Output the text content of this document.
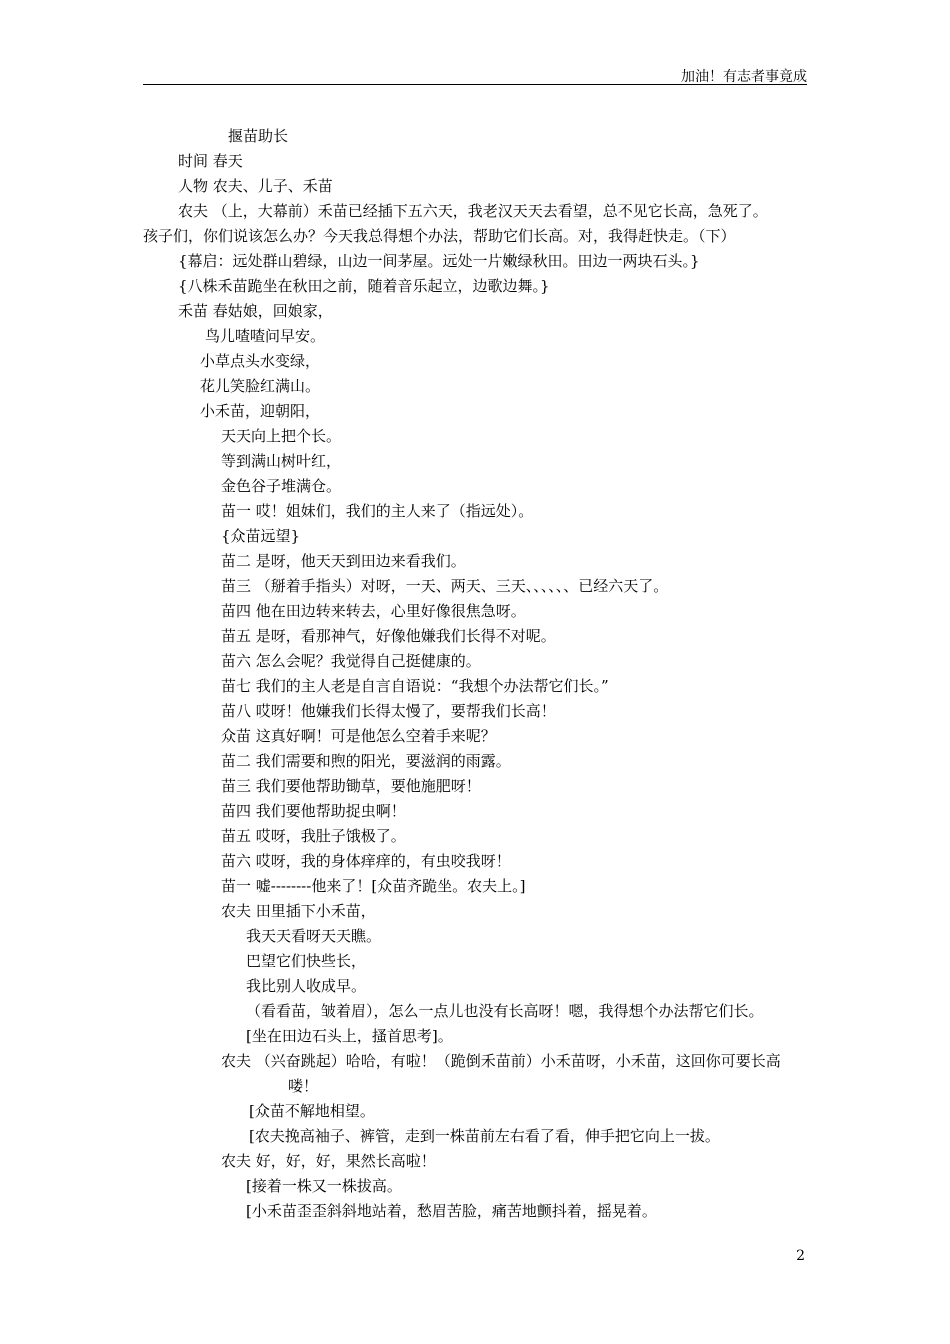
加油！有志者事竟成
揠苗助长
时间 春天
人物 农夫、儿子、禾苗
农夫 （上，大幕前）禾苗已经插下五六天，我老汉天天去看望，总不见它长高，急死了。
孩子们，你们说该怎么办？今天我总得想个办法，帮助它们长高。对，我得赶快走。（下）
{幕启：远处群山碧绿，山边一间茅屋。远处一片嫩绿秋田。田边一两块石头。}
{八株禾苗跪坐在秋田之前，随着音乐起立，边歌边舞。}
禾苗 春姑娘，回娘家，
鸟儿喳喳问早安。
小草点头水变绿，
花儿笑脸红满山。
小禾苗，迎朝阳，
天天向上把个长。
等到满山树叶红，
金色谷子堆满仓。
苗一 哎！姐妹们，我们的主人来了（指远处）。
{众苗远望}
苗二 是呀，他天天到田边来看我们。
苗三 （掰着手指头）对呀，一天、两天、三天、、、、、、已经六天了。
苗四 他在田边转来转去，心里好像很焦急呀。
苗五 是呀，看那神气，好像他嫌我们长得不对呢。
苗六 怎么会呢？我觉得自己挺健康的。
苗七 我们的主人老是自言自语说：“我想个办法帮它们长。”
苗八 哎呀！他嫌我们长得太慢了，要帮我们长高！
众苗 这真好啊！可是他怎么空着手来呢？
苗二 我们需要和煦的阳光，要滋润的雨露。
苗三 我们要他帮助锄草，要他施肥呀！
苗四 我们要他帮助捉虫啊！
苗五 哎呀，我肚子饿极了。
苗六 哎呀，我的身体痒痒的，有虫咬我呀！
苗一 嘘--------他来了！[众苗齐跪坐。农夫上。]
农夫 田里插下小禾苗，
我天天看呀天天瞧。
巴望它们快些长，
我比别人收成早。
（看看苗，皱着眉），怎么一点儿也没有长高呀！嗯，我得想个办法帮它们长。
[坐在田边石头上，搔首思考]。
农夫 （兴奋跳起）哈哈，有啦！（跪倒禾苗前）小禾苗呀，小禾苗，这回你可要长高
喽！
[众苗不解地相望。
[农夫挽高袖子、裤管，走到一株苗前左右看了看，伸手把它向上一拔。
农夫 好，好，好，果然长高啦！
[接着一株又一株拔高。
[小禾苗歪歪斜斜地站着，愁眉苦脸，痛苦地颤抖着，摇晃着。
2
